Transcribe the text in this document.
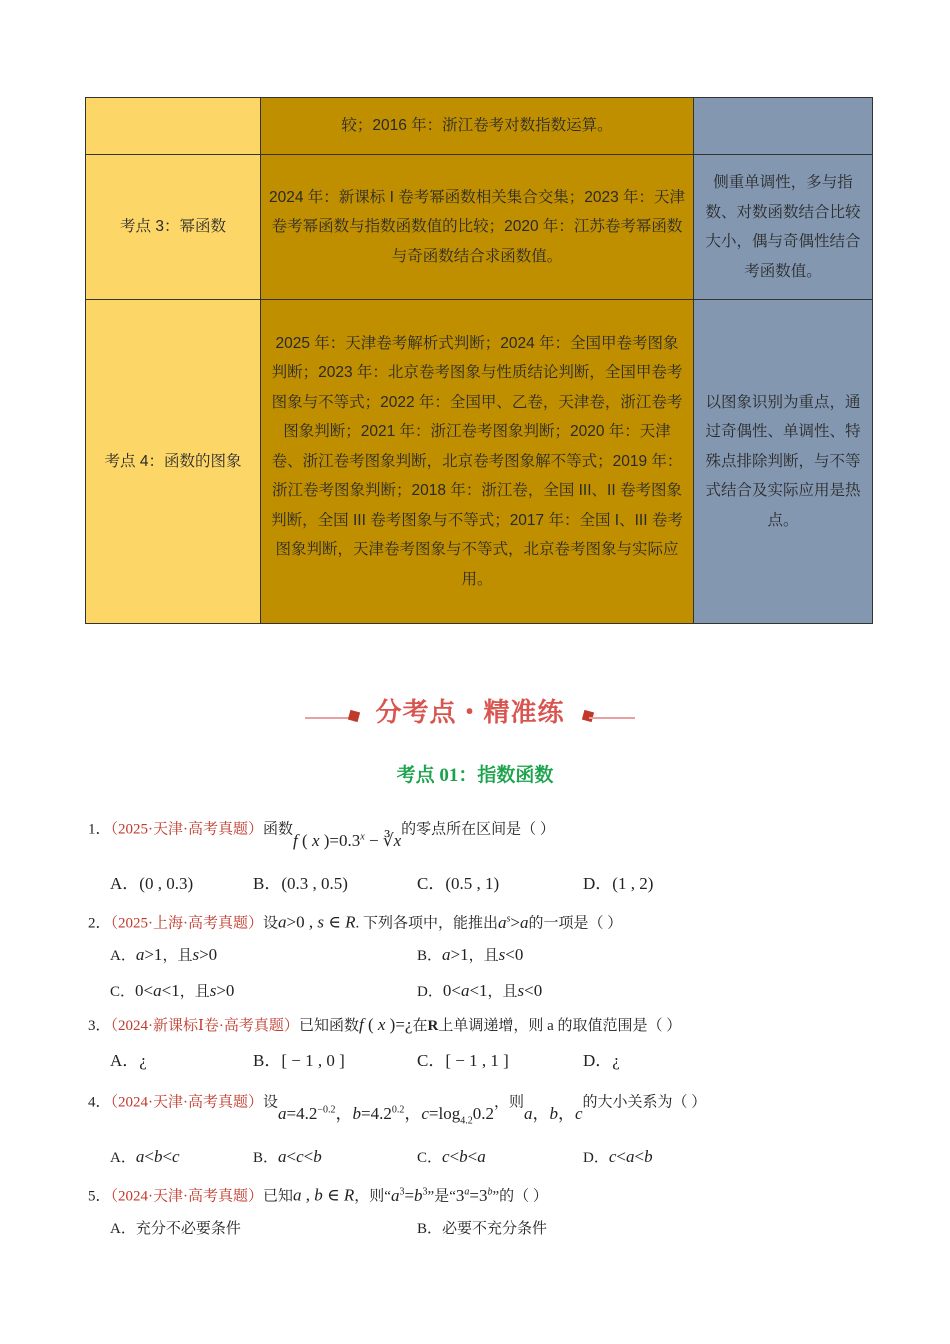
	较；2016 年：浙江卷考对数指数运算。	
考点 3：幂函数	2024 年：新课标 I 卷考幂函数相关集合交集；2023 年：天津卷考幂函数与指数函数值的比较；2020 年：江苏卷考幂函数与奇函数结合求函数值。	侧重单调性，多与指数、对数函数结合比较大小，偶与奇偶性结合考函数值。
考点 4：函数的图象	2025 年：天津卷考解析式判断；2024 年：全国甲卷考图象判断；2023 年：北京卷考图象与性质结论判断，全国甲卷考图象与不等式；2022 年：全国甲、乙卷，天津卷，浙江卷考图象判断；2021 年：浙江卷考图象判断；2020 年：天津卷、浙江卷考图象判断，北京卷考图象解不等式；2019 年：浙江卷考图象判断；2018 年：浙江卷，全国 III、II 卷考图象判断，全国 III 卷考图象与不等式；2017 年：全国 I、III 卷考图象判断，天津卷考图象与不等式，北京卷考图象与实际应用。	以图象识别为重点，通过奇偶性、单调性、特殊点排除判断，与不等式结合及实际应用是热点。
分考点・精准练
考点 01：指数函数
1．（2025·天津·高考真题）函数f ( x )$=0.3^x$ − ∛x的零点所在区间是（ ）
A．(0 , 0.3)	B．(0.3 , 0.5)	C．(0.5 , 1)	D．(1 , 2)
2．（2025·上海·高考真题）设a>0 , s ∈ R. 下列各项中，能推出$a^s>a$的一项是（ ）
A．a>1，且s>0	B．a>1，且s<0
C．0<a<1，且s>0	D．0<a<1，且s<0
3．（2024·新课标Ⅰ卷·高考真题）已知函数f ( x )=¿在R上单调递增，则 a 的取值范围是（ ）
A．¿	B．[ − 1 , 0 ]	C．[ − 1 , 1 ]	D．¿
4．（2024·天津·高考真题）设$a=4.2^{-0.2}$，$b=4.2^{0.2}$，$c=\log_{4.2}0.2$，则a，b，c的大小关系为（ ）
A．a<b<c	B．a<c<b	C．c<b<a	D．c<a<b
5．（2024·天津·高考真题）已知a , b ∈ R，则“$a^3=b^3$”是“$3^a=3^b$”的（ ）
A．充分不必要条件	B．必要不充分条件
